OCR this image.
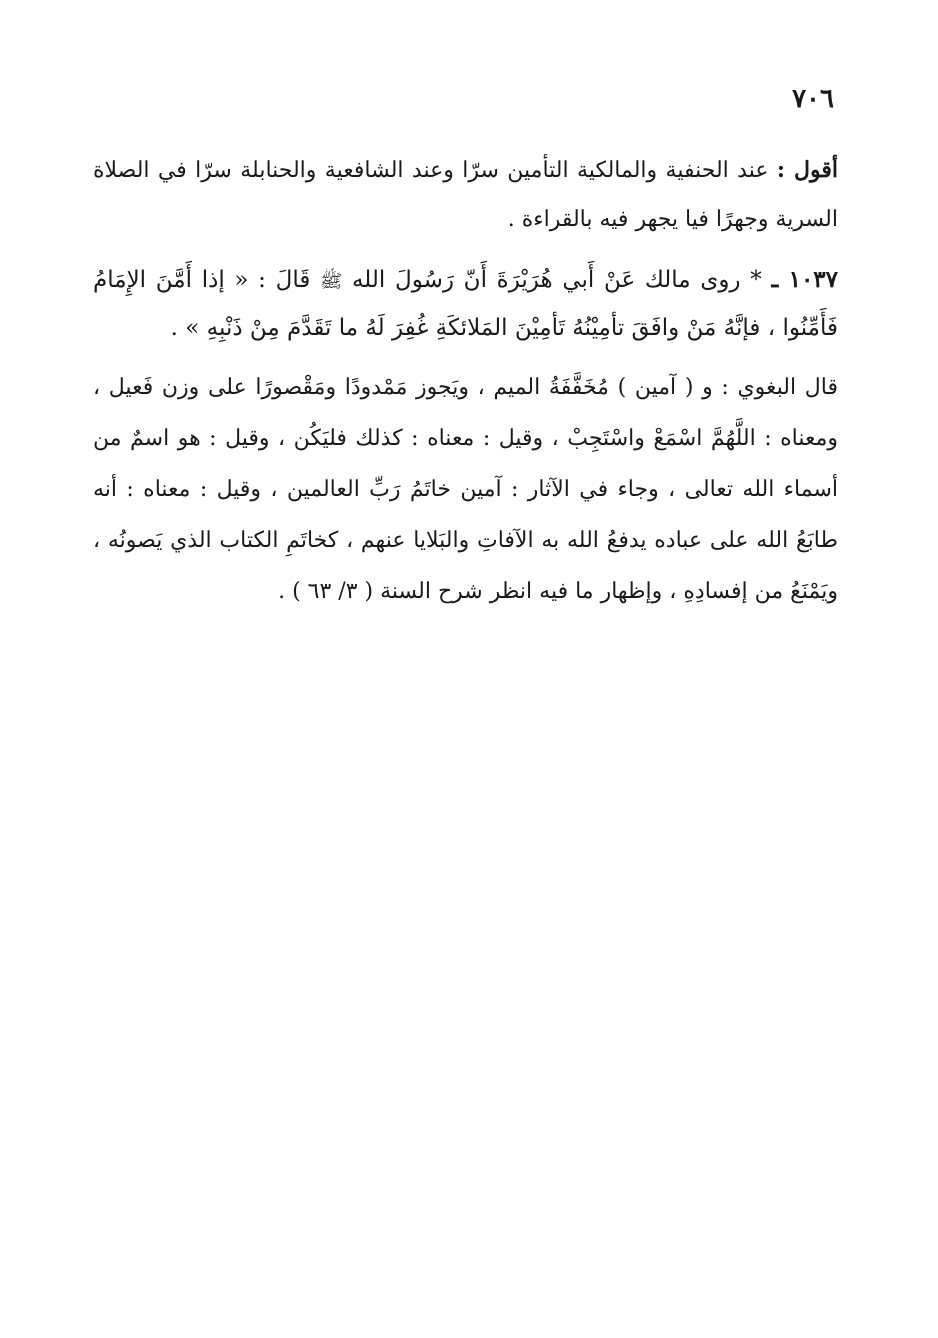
٧٠٦

أقول : عند الحنفية والمالكية التأمين سرّا وعند الشافعية والحنابلة سرّا في الصلاة السرية وجهرًا فيا يجهر فيه بالقراءة .

١٠٣٧ ـ * روى مالك عَنْ أَبي هُرَيْرَةَ أَنّ رَسُولَ الله ﷺ قَالَ : « إذا أَمَّنَ الإِمَامُ فَأَمِّنُوا ، فإنَّهُ مَنْ وافَقَ تأمِيْنُهُ تَأمِيْنَ المَلائكَةِ غُفِرَ لَهُ ما تَقَدَّمَ مِنْ ذَنْبِهِ » .

قال البغوي : و ( آمين ) مُخَفَّفَةُ الميم ، ويَجوز مَمْدودًا ومَقْصورًا على وزن فَعيل ، ومعناه : اللَّهُمَّ اسْمَعْ واسْتَجِبْ ، وقيل : معناه : كذلك فليَكُن ، وقيل : هو اسمٌ من أسماء الله تعالى ، وجاء في الآثار : آمين خاتَمُ رَبِّ العالمين ، وقيل : معناه : أنه طابَعُ الله على عباده يدفعُ الله به الآفاتِ والبَلايا عنهم ، كخاتَمِ الكتاب الذي يَصونُه ، ويَمْنَعُ من إفسادِهِ ، وإظهار ما فيه انظر شرح السنة ( ٣/ ٦٣ ) .
